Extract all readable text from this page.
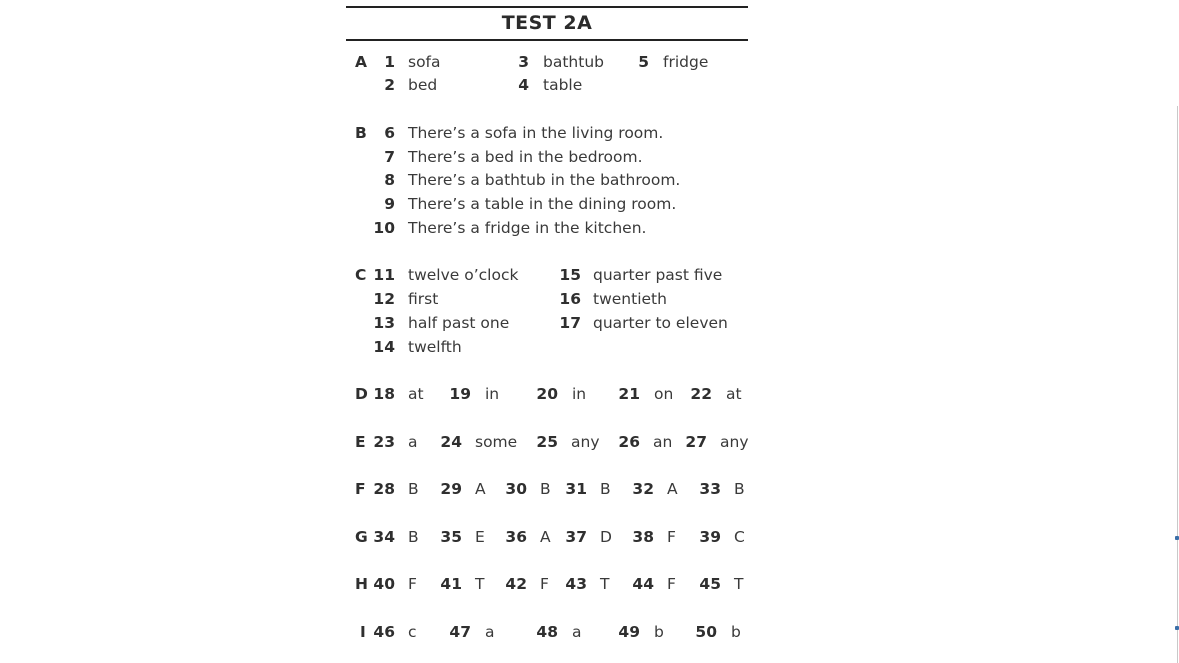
TEST 2A
A	1 sofa
2 bed
3 bathtub
4 table
5 fridge
B	6 There’s a sofa in the living room.
7 There’s a bed in the bedroom.
8 There’s a bathtub in the bathroom.
9 There’s a table in the dining room.
10 There’s a fridge in the kitchen.
C 11 twelve o’clock
12 first
13 half past one
14 twelfth
15 quarter past five
16 twentieth
17 quarter to eleven
D 18 at	19 in	20 in	21 on	22 at
E 23 a	24 some	25 any	26 an 27 any
F 28 B	29 A	30 B 31 B	32 A	33 B
G 34 B	35 E	36 A 37 D	38 F	39 C
H 40 F	41 T	42 F	43 T	44 F	45 T
I 46 c	47 a	48 a	49 b	50 b
